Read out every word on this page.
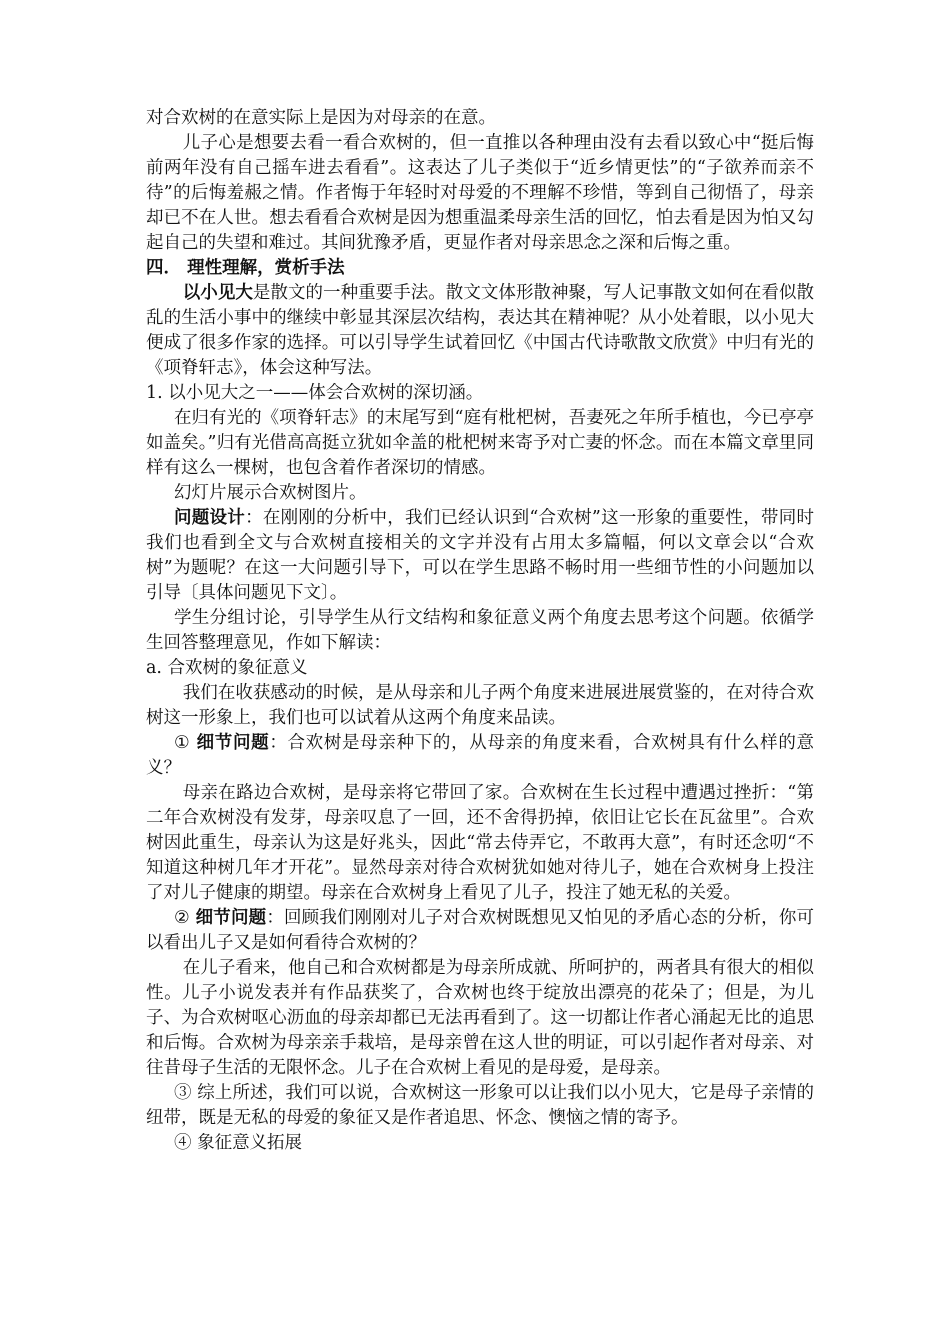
对合欢树的在意实际上是因为对母亲的在意。

儿子心是想要去看一看合欢树的，但一直推以各种理由没有去看以致心中“挺后悔前两年没有自己摇车进去看看”。这表达了儿子类似于“近乡情更怯”的“子欲养而亲不待”的后悔羞赧之情。作者悔于年轻时对母爱的不理解不珍惜，等到自己彻悟了，母亲却已不在人世。想去看看合欢树是因为想重温柔母亲生活的回忆，怕去看是因为怕又勾起自己的失望和难过。其间犹豫矛盾，更显作者对母亲思念之深和后悔之重。

四． 理性理解，赏析手法

以小见大是散文的一种重要手法。散文文体形散神聚，写人记事散文如何在看似散乱的生活小事中的继续中彰显其深层次结构，表达其在精神呢？从小处着眼，以小见大便成了很多作家的选择。可以引导学生试着回忆《中国古代诗歌散文欣赏》中归有光的《项脊轩志》，体会这种写法。

1. 以小见大之一——体会合欢树的深切涵。

在归有光的《项脊轩志》的末尾写到“庭有枇杷树，吾妻死之年所手植也，今已亭亭如盖矣。”归有光借高高挺立犹如伞盖的枇杷树来寄予对亡妻的怀念。而在本篇文章里同样有这么一棵树，也包含着作者深切的情感。

幻灯片展示合欢树图片。

问题设计：在刚刚的分析中，我们已经认识到“合欢树”这一形象的重要性，带同时我们也看到全文与合欢树直接相关的文字并没有占用太多篇幅，何以文章会以“合欢树”为题呢？在这一大问题引导下，可以在学生思路不畅时用一些细节性的小问题加以引导〔具体问题见下文〕。

学生分组讨论，引导学生从行文结构和象征意义两个角度去思考这个问题。依循学生回答整理意见，作如下解读：

a. 合欢树的象征意义

我们在收获感动的时候，是从母亲和儿子两个角度来进展进展赏鉴的，在对待合欢树这一形象上，我们也可以试着从这两个角度来品读。

① 细节问题：合欢树是母亲种下的，从母亲的角度来看，合欢树具有什么样的意义？

母亲在路边合欢树，是母亲将它带回了家。合欢树在生长过程中遭遇过挫折：“第二年合欢树没有发芽，母亲叹息了一回，还不舍得扔掉，依旧让它长在瓦盆里”。合欢树因此重生，母亲认为这是好兆头，因此“常去侍弄它，不敢再大意”，有时还念叨“不知道这种树几年才开花”。显然母亲对待合欢树犹如她对待儿子，她在合欢树身上投注了对儿子健康的期望。母亲在合欢树身上看见了儿子，投注了她无私的关爱。

② 细节问题：回顾我们刚刚对儿子对合欢树既想见又怕见的矛盾心态的分析，你可以看出儿子又是如何看待合欢树的？

在儿子看来，他自己和合欢树都是为母亲所成就、所呵护的，两者具有很大的相似性。儿子小说发表并有作品获奖了，合欢树也终于绽放出漂亮的花朵了；但是，为儿子、为合欢树呕心沥血的母亲却都已无法再看到了。这一切都让作者心涌起无比的追思和后悔。合欢树为母亲亲手栽培，是母亲曾在这人世的明证，可以引起作者对母亲、对往昔母子生活的无限怀念。儿子在合欢树上看见的是母爱，是母亲。

③ 综上所述，我们可以说，合欢树这一形象可以让我们以小见大，它是母子亲情的纽带，既是无私的母爱的象征又是作者追思、怀念、懊恼之情的寄予。

④ 象征意义拓展
